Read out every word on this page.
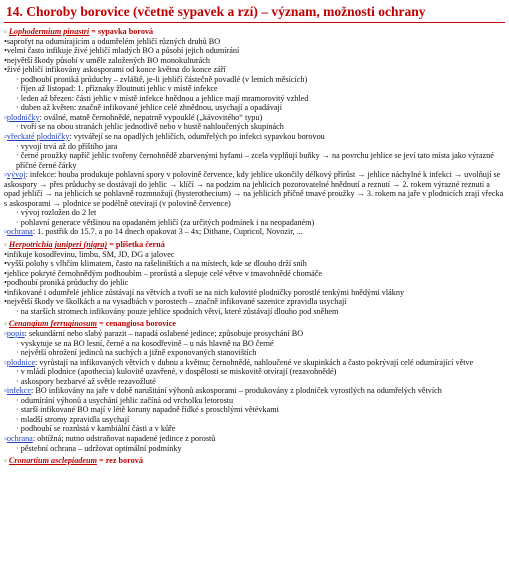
14. Choroby borovice (včetně sypavek a rzí) – význam, možnosti ochrany
▫ Lophodermium pinastri = sypavka borová
• saprofyt na odumírajícím a odumřelém jehličí různých druhů BO
• velmi často infikuje živé jehličí mladých BO a působí jejich odumírání
• největší škody působí v uměle založených BO monokulturách
• živé jehličí infikovány askosporami od konce května do konce září
· podhoubí proniká průduchy – zvláště, je-li jehličí částečně povadlé (v letních měsících)
· říjen až listopad: 1. příznaky žloutnutí jehlic v místě infekce
· leden až březen: části jehlic v místě infekce hnědnou a jehlice mají mramorovitý vzhled
· duben až květen: značně infikované jehlice celé zhnědnou, usychají a opadávají
▫ plodničky: oválné, matně černohnědé, nepatrně vypouklé („kávovitého“ typu)
· tvoří se na obou stranách jehlic jednotlivě nebo v hustě nahloučených skupinách
▫ vřeckaté plodničky: vytvářejí se na opadlých jehličích, odumřelých po infekci sypavkou borovou
· vyvojí trvá až do příštího jara
· černé proužky napříč jehlic tvořeny černohnědě zbarvenými hyfami – zcela vyplňují buňky → na povrchu jehlice se jeví tato místa jako výrazné příčné černé čárky
▫ vývoj: infekce: houba produkuje pohlavní spory v polovině července, kdy jehlice ukončily délkový přírůst → jehlice náchylné k infekci → uvolňují se askospory → přes průduchy se dostávají do jehlic → klíčí → na podzim na jehlicích pozorovatelné hnědnutí a reznutí → 2. rokem výrazné reznutí a opad jehličí → na jehlicích se pohlavně rozmnožují (hysterothecium) → na jehlicích příčně tmavé proužky → 3. rokem na jaře v plodnicích zrají vřecka s askosporami → plodnice se podélně otevírají (v polovině července)
· vývoj rozložen do 2 let
· pohlavní generace většinou na opadaném jehličí (za určitých podmínek i na neopadaném)
▫ ochrana: 1. postřik do 15.7. a po 14 dnech opakovat 3 – 4x; Dithane, Cupricol, Novozir, ...
▫ Herpotrichia juniperi (nigra) = plíšetka černá
• infikuje kosodřevinu, limbu, SM, JD, DG a jalovec
• vyšší polohy s vlhčím klimatem, často na rašeliništích a na místech, kde se dlouho drží sníh
• jehlice pokryté černohnědým podhoubím – prorůstá a slepuje celé větve v tmavohnědé chomáče
• podhoubí proniká průduchy do jehlic
• infikované i odumřelé jehlice zůstávají na větvích a tvoří se na nich kulovité plodničky porostlé tenkými hnědými vlákny
• největší škody ve školkách a na vysadbách v porostech – značně infikované sazenice zpravidla usychají
· na starších stromech infikovány pouze jehlice spodních větví, které zůstávají dlouho pod sněhem
▫ Cenangium ferruginosum = cenangiosa borovice
▫ popis: sekundární nebo slabý parazit – napadá oslabené jedince; způsobuje prosychání BO
· vyskytuje se na BO lesní, černé a na kosodřevině – u nás hlavně na BO černé
· největší ohrožení jedinců na suchých a jižně exponovaných stanovištích
▫ plodnice: vyrůstají na infikovaných větvích v dubnu a květnu; černohnědé, nahloučené ve skupinkách a často pokrývají celé odumírající větve
· v mládí plodnice (apothecia) kulovitě uzavřené, v dospělosti se miskovitě otvírají (rezavohnědé)
· askospory bezbarvé až světle rezavožluté
▫ infekce: BO infikovány na jaře v době narušitání výhonů askosporami – produkovány z plodniček vyrostlých na odumřelých větvích
· odumírání výhonů a usychání jehlic začíná od vrcholku letorostu
· starší infikované BO mají v létě koruny napadně řídké s proschlými větévkami
· mladší stromy zpravidla usychají
· podhoubí se rozrůstá v kambiální části a v kůře
▫ ochrana: obtížná; nutno odstraňovat napadené jedince z porostů
· pěstební ochrana – udržovat optimální podmínky
▫ Cronartium asclepiadeum = rez borová
